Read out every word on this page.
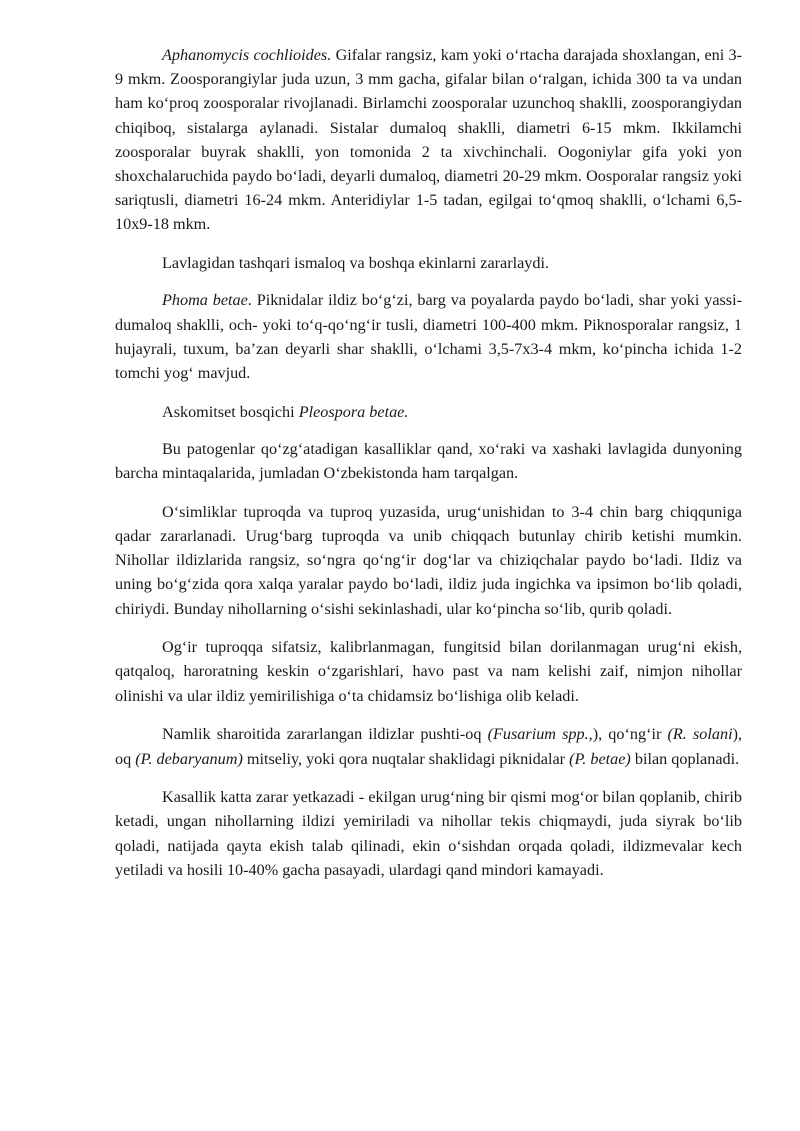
Aphanomycis cochlioides. Gifalar rangsiz, kam yoki o‘rtacha darajada shoxlangan, eni 3-9 mkm. Zoosporangiylar juda uzun, 3 mm gacha, gifalar bilan o‘ralgan, ichida 300 ta va undan ham ko‘proq zoosporalar rivojlanadi. Birlamchi zoosporalar uzunchoq shaklli, zoosporangiydan chiqiboq, sistalarga aylanadi. Sistalar dumaloq shaklli, diametri 6-15 mkm. Ikkilamchi zoosporalar buyrak shaklli, yon tomonida 2 ta xivchinchali. Oogoniylar gifa yoki yon shoxchalaruchida paydo bo‘ladi, deyarli dumaloq, diametri 20-29 mkm. Oosporalar rangsiz yoki sariqtusli, diametri 16-24 mkm. Anteridiylar 1-5 tadan, egilgai to‘qmoq shaklli, o‘lchami 6,5-10x9-18 mkm.

Lavlagidan tashqari ismaloq va boshqa ekinlarni zararlaydi.

Phoma betae. Piknidalar ildiz bo‘g‘zi, barg va poyalarda paydo bo‘ladi, shar yoki yassi-dumaloq shaklli, och- yoki to‘q-qo‘ng‘ir tusli, diametri 100-400 mkm. Piknosporalar rangsiz, 1 hujayrali, tuxum, ba’zan deyarli shar shaklli, o‘lchami 3,5-7x3-4 mkm, ko‘pincha ichida 1-2 tomchi yog‘ mavjud.

Askomitset bosqichi Pleospora betae.

Bu patogenlar qo‘zg‘atadigan kasalliklar qand, xo‘raki va xashaki lavlagida dunyoning barcha mintaqalarida, jumladan O‘zbekistonda ham tarqalgan.

O‘simliklar tuproqda va tuproq yuzasida, urug‘unishidan to 3-4 chin barg chiqquniga qadar zararlanadi. Urug‘barg tuproqda va unib chiqqach butunlay chirib ketishi mumkin. Nihollar ildizlarida rangsiz, so‘ngra qo‘ng‘ir dog‘lar va chiziqchalar paydo bo‘ladi. Ildiz va uning bo‘g‘zida qora xalqa yaralar paydo bo‘ladi, ildiz juda ingichka va ipsimon bo‘lib qoladi, chiriydi. Bunday nihollarning o‘sishi sekinlashadi, ular ko‘pincha so‘lib, qurib qoladi.

Og‘ir tuproqqa sifatsiz, kalibrlanmagan, fungitsid bilan dorilanmagan urug‘ni ekish, qatqaloq, haroratning keskin o‘zgarishlari, havo past va nam kelishi zaif, nimjon nihollar olinishi va ular ildiz yemirilishiga o‘ta chidamsiz bo‘lishiga olib keladi.

Namlik sharoitida zararlangan ildizlar pushti-oq (Fusarium spp.,), qo‘ng‘ir (R. solani), oq (P. debaryanum) mitseliy, yoki qora nuqtalar shaklidagi piknidalar (P. betae) bilan qoplanadi.

Kasallik katta zarar yetkazadi - ekilgan urug‘ning bir qismi mog‘or bilan qoplanib, chirib ketadi, ungan nihollarning ildizi yemiriladi va nihollar tekis chiqmaydi, juda siyrak bo‘lib qoladi, natijada qayta ekish talab qilinadi, ekin o‘sishdan orqada qoladi, ildizmevalar kech yetiladi va hosili 10-40% gacha pasayadi, ulardagi qand mindori kamayadi.
